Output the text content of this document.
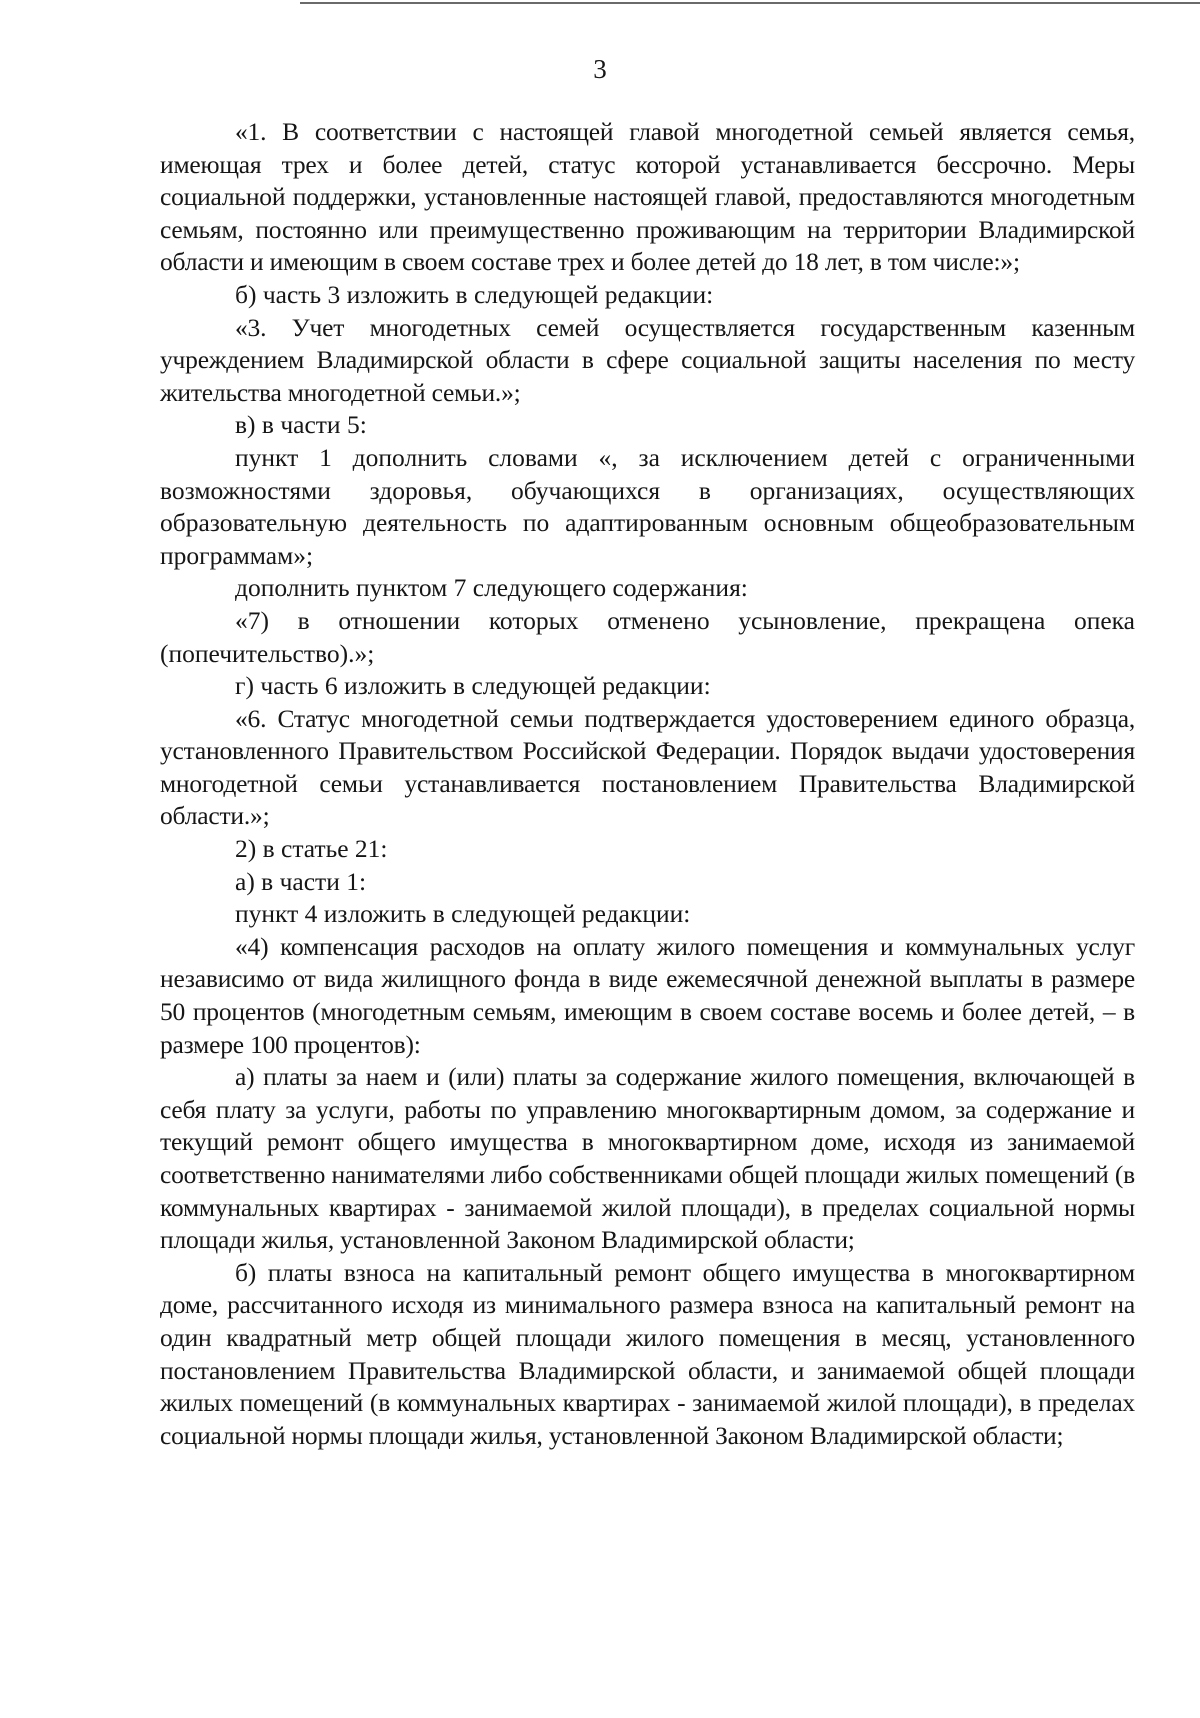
3

«1. В соответствии с настоящей главой многодетной семьей является семья, имеющая трех и более детей, статус которой устанавливается бессрочно. Меры социальной поддержки, установленные настоящей главой, предоставляются многодетным семьям, постоянно или преимущественно проживающим на территории Владимирской области и имеющим в своем составе трех и более детей до 18 лет, в том числе:»;

б) часть 3 изложить в следующей редакции:

«3. Учет многодетных семей осуществляется государственным казенным учреждением Владимирской области в сфере социальной защиты населения по месту жительства многодетной семьи.»;

в) в части 5:

пункт 1 дополнить словами «, за исключением детей с ограниченными возможностями здоровья, обучающихся в организациях, осуществляющих образовательную деятельность по адаптированным основным общеобразовательным программам»;

дополнить пунктом 7 следующего содержания:

«7) в отношении которых отменено усыновление, прекращена опека (попечительство).»;

г) часть 6 изложить в следующей редакции:

«6. Статус многодетной семьи подтверждается удостоверением единого образца, установленного Правительством Российской Федерации. Порядок выдачи удостоверения многодетной семьи устанавливается постановлением Правительства Владимирской области.»;

2) в статье 21:

а) в части 1:

пункт 4 изложить в следующей редакции:

«4) компенсация расходов на оплату жилого помещения и коммунальных услуг независимо от вида жилищного фонда в виде ежемесячной денежной выплаты в размере 50 процентов (многодетным семьям, имеющим в своем составе восемь и более детей, – в размере 100 процентов):

а) платы за наем и (или) платы за содержание жилого помещения, включающей в себя плату за услуги, работы по управлению многоквартирным домом, за содержание и текущий ремонт общего имущества в многоквартирном доме, исходя из занимаемой соответственно нанимателями либо собственниками общей площади жилых помещений (в коммунальных квартирах - занимаемой жилой площади), в пределах социальной нормы площади жилья, установленной Законом Владимирской области;

б) платы взноса на капитальный ремонт общего имущества в многоквартирном доме, рассчитанного исходя из минимального размера взноса на капитальный ремонт на один квадратный метр общей площади жилого помещения в месяц, установленного постановлением Правительства Владимирской области, и занимаемой общей площади жилых помещений (в коммунальных квартирах - занимаемой жилой площади), в пределах социальной нормы площади жилья, установленной Законом Владимирской области;
